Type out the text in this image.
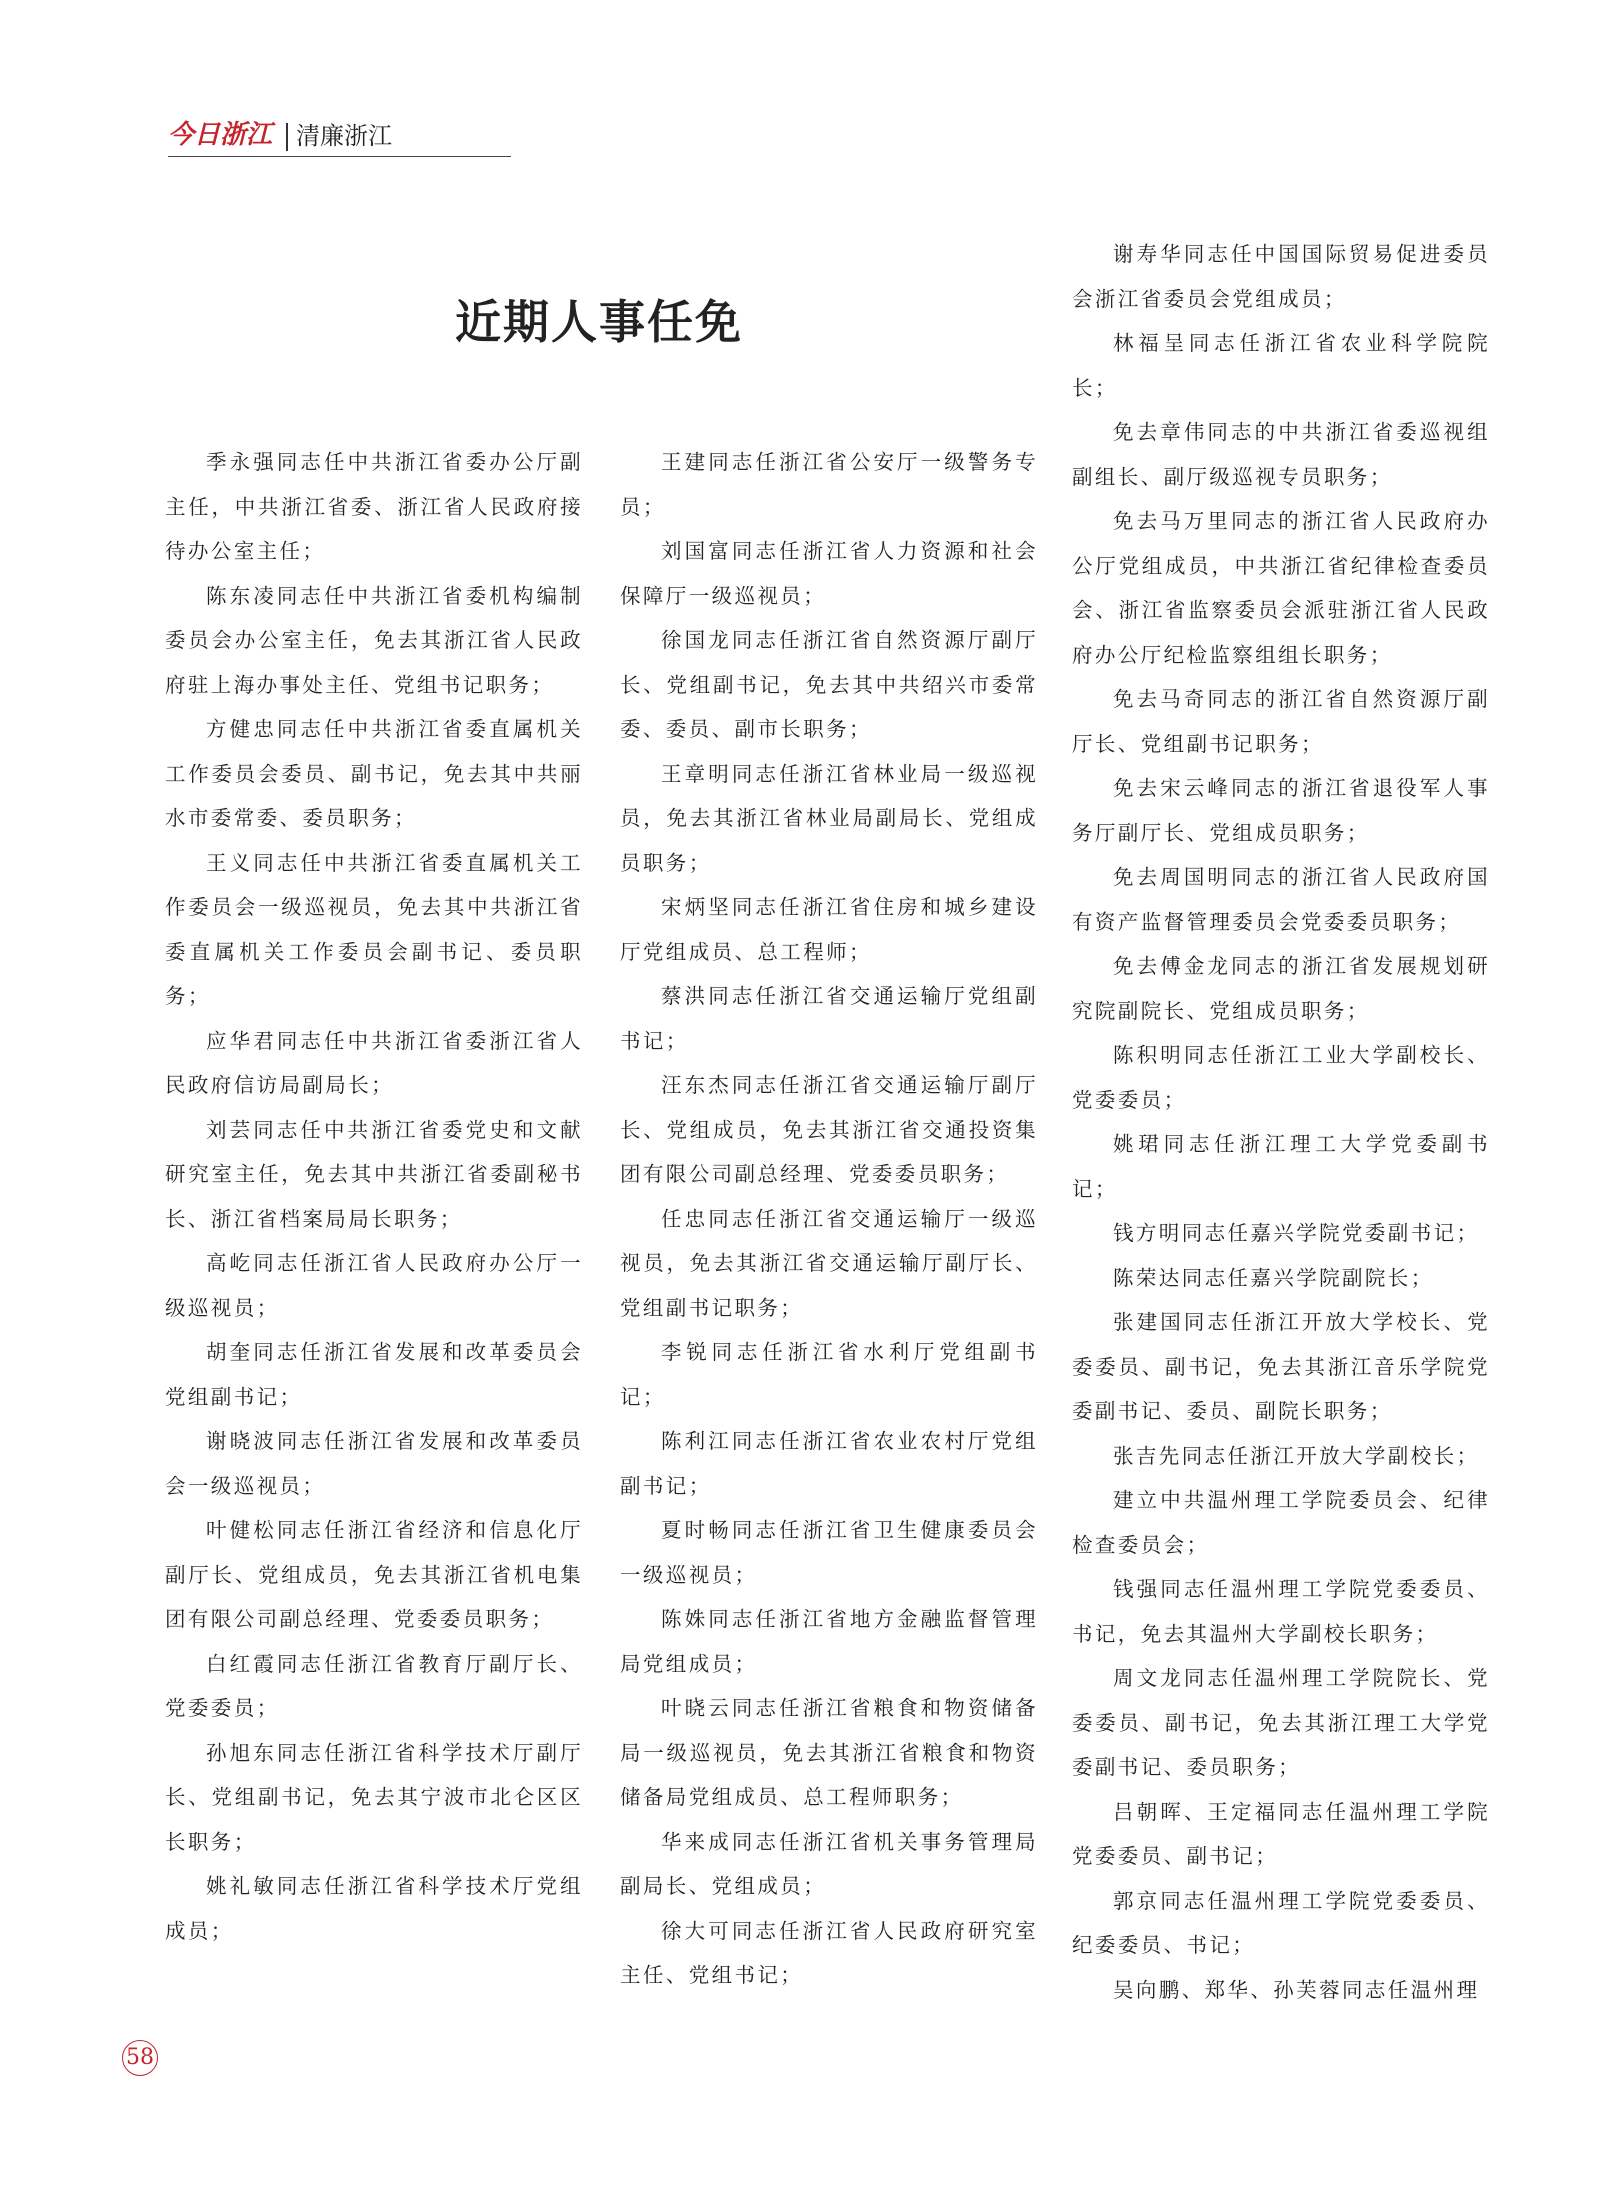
今日浙江 清廉浙江
近期人事任免

季永强同志任中共浙江省委办公厅副主任，中共浙江省委、浙江省人民政府接待办公室主任；

陈东凌同志任中共浙江省委机构编制委员会办公室主任，免去其浙江省人民政府驻上海办事处主任、党组书记职务；

方健忠同志任中共浙江省委直属机关工作委员会委员、副书记，免去其中共丽水市委常委、委员职务；

王义同志任中共浙江省委直属机关工作委员会一级巡视员，免去其中共浙江省委直属机关工作委员会副书记、委员职务；

应华君同志任中共浙江省委浙江省人民政府信访局副局长；

刘芸同志任中共浙江省委党史和文献研究室主任，免去其中共浙江省委副秘书长、浙江省档案局局长职务；

高屹同志任浙江省人民政府办公厅一级巡视员；

胡奎同志任浙江省发展和改革委员会党组副书记；

谢晓波同志任浙江省发展和改革委员会一级巡视员；

叶健松同志任浙江省经济和信息化厅副厅长、党组成员，免去其浙江省机电集团有限公司副总经理、党委委员职务；

白红霞同志任浙江省教育厅副厅长、党委委员；

孙旭东同志任浙江省科学技术厅副厅长、党组副书记，免去其宁波市北仑区区长职务；

姚礼敏同志任浙江省科学技术厅党组成员；

王建同志任浙江省公安厅一级警务专员；

刘国富同志任浙江省人力资源和社会保障厅一级巡视员；

徐国龙同志任浙江省自然资源厅副厅长、党组副书记，免去其中共绍兴市委常委、委员、副市长职务；

王章明同志任浙江省林业局一级巡视员，免去其浙江省林业局副局长、党组成员职务；

宋炳坚同志任浙江省住房和城乡建设厅党组成员、总工程师；

蔡洪同志任浙江省交通运输厅党组副书记；

汪东杰同志任浙江省交通运输厅副厅长、党组成员，免去其浙江省交通投资集团有限公司副总经理、党委委员职务；

任忠同志任浙江省交通运输厅一级巡视员，免去其浙江省交通运输厅副厅长、党组副书记职务；

李锐同志任浙江省水利厅党组副书记；

陈利江同志任浙江省农业农村厅党组副书记；

夏时畅同志任浙江省卫生健康委员会一级巡视员；

陈姝同志任浙江省地方金融监督管理局党组成员；

叶晓云同志任浙江省粮食和物资储备局一级巡视员，免去其浙江省粮食和物资储备局党组成员、总工程师职务；

华来成同志任浙江省机关事务管理局副局长、党组成员；

徐大可同志任浙江省人民政府研究室主任、党组书记；

谢寿华同志任中国国际贸易促进委员会浙江省委员会党组成员；

林福呈同志任浙江省农业科学院院长；

免去章伟同志的中共浙江省委巡视组副组长、副厅级巡视专员职务；

免去马万里同志的浙江省人民政府办公厅党组成员，中共浙江省纪律检查委员会、浙江省监察委员会派驻浙江省人民政府办公厅纪检监察组组长职务；

免去马奇同志的浙江省自然资源厅副厅长、党组副书记职务；

免去宋云峰同志的浙江省退役军人事务厅副厅长、党组成员职务；

免去周国明同志的浙江省人民政府国有资产监督管理委员会党委委员职务；

免去傅金龙同志的浙江省发展规划研究院副院长、党组成员职务；

陈积明同志任浙江工业大学副校长、党委委员；

姚珺同志任浙江理工大学党委副书记；

钱方明同志任嘉兴学院党委副书记；

陈荣达同志任嘉兴学院副院长；

张建国同志任浙江开放大学校长、党委委员、副书记，免去其浙江音乐学院党委副书记、委员、副院长职务；

张吉先同志任浙江开放大学副校长；

建立中共温州理工学院委员会、纪律检查委员会；

钱强同志任温州理工学院党委委员、书记，免去其温州大学副校长职务；

周文龙同志任温州理工学院院长、党委委员、副书记，免去其浙江理工大学党委副书记、委员职务；

吕朝晖、王定福同志任温州理工学院党委委员、副书记；

郭京同志任温州理工学院党委委员、纪委委员、书记；

吴向鹏、郑华、孙芙蓉同志任温州理

58
